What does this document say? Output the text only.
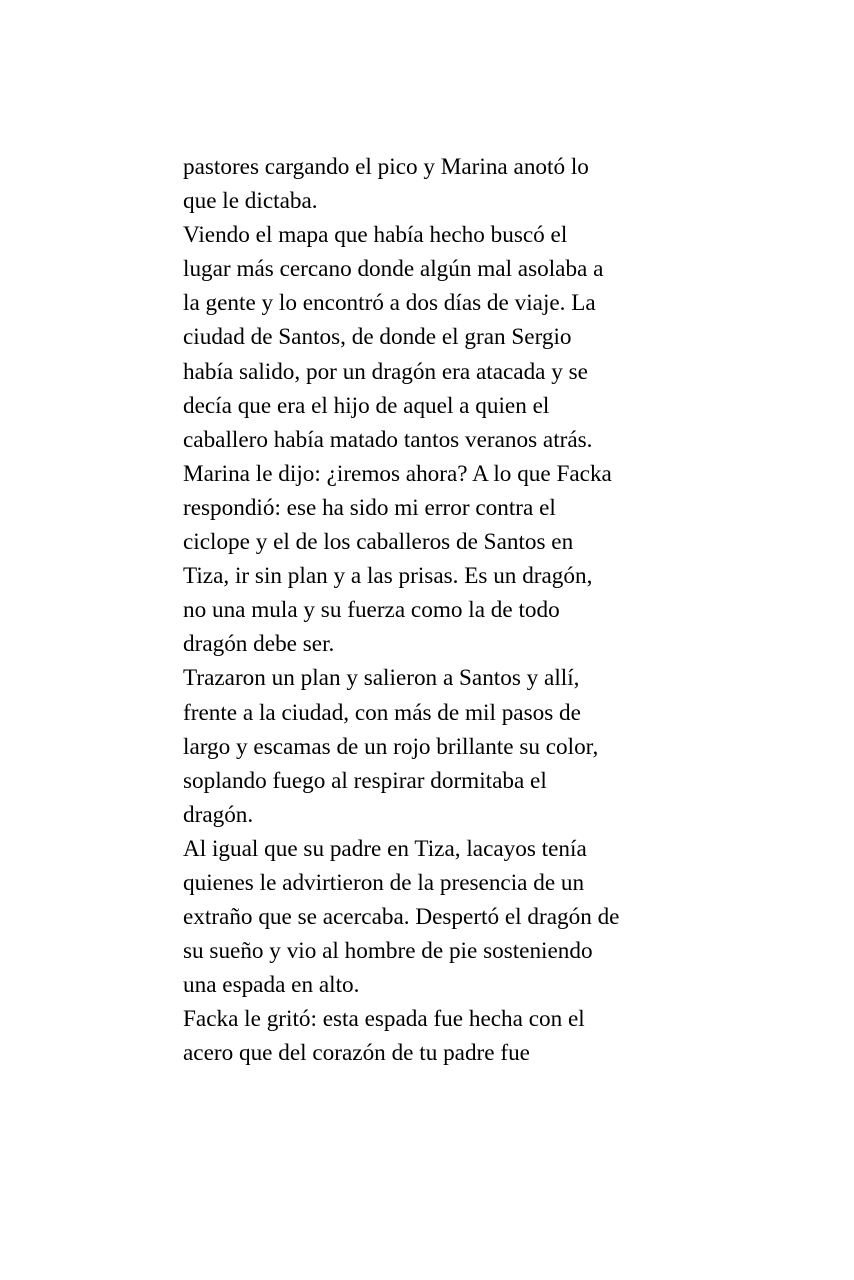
pastores cargando el pico y Marina anotó lo
que le dictaba.
Viendo el mapa que había hecho buscó el
lugar más cercano donde algún mal asolaba a
la gente y lo encontró a dos días de viaje. La
ciudad de Santos, de donde el gran Sergio
había salido, por un dragón era atacada y se
decía que era el hijo de aquel a quien el
caballero había matado tantos veranos atrás.
Marina le dijo: ¿iremos ahora? A lo que Facka
respondió: ese ha sido mi error contra el
ciclope y el de los caballeros de Santos en
Tiza, ir sin plan y a las prisas. Es un dragón,
no una mula y su fuerza como la de todo
dragón debe ser.
Trazaron un plan y salieron a Santos y allí,
frente a la ciudad, con más de mil pasos de
largo y escamas de un rojo brillante su color,
soplando fuego al respirar dormitaba el
dragón.
Al igual que su padre en Tiza, lacayos tenía
quienes le advirtieron de la presencia de un
extraño que se acercaba. Despertó el dragón de
su sueño y vio al hombre de pie sosteniendo
una espada en alto.
Facka le gritó: esta espada fue hecha con el
acero que del corazón de tu padre fue
